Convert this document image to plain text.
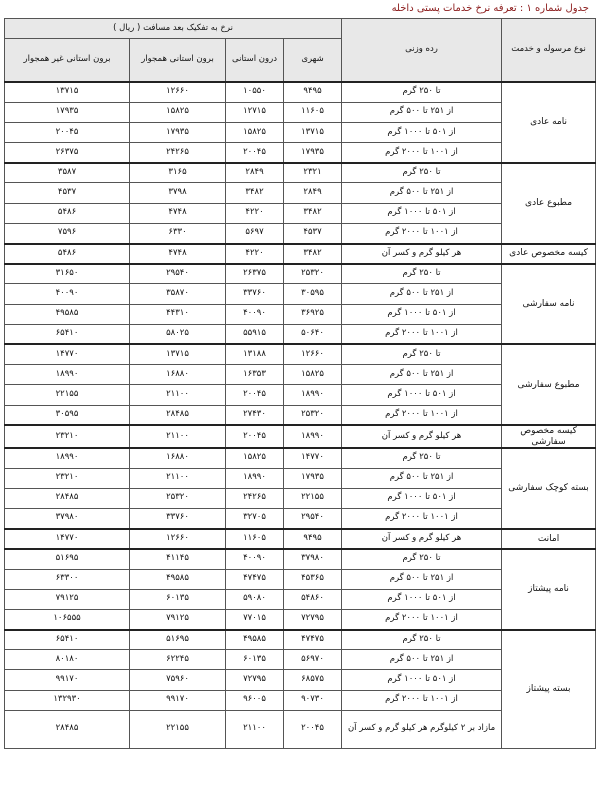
جدول شماره ۱ : تعرفه نرخ خدمات پستی داخله
نوع مرسوله و خدمت	رده وزنی	نرخ به تفکیک بعد مسافت ( ریال )			
		شهری	درون استانی	برون استانی همجوار	برون استانی غیر همجوار
نامه عادی	تا ۲۵۰ گرم	۹۴۹۵	۱۰۵۵۰	۱۲۶۶۰	۱۳۷۱۵
	از ۲۵۱ تا ۵۰۰ گرم	۱۱۶۰۵	۱۲۷۱۵	۱۵۸۲۵	۱۷۹۳۵
	از ۵۰۱ تا ۱۰۰۰ گرم	۱۳۷۱۵	۱۵۸۲۵	۱۷۹۳۵	۲۰۰۴۵
	از ۱۰۰۱ تا ۲۰۰۰ گرم	۱۷۹۳۵	۲۰۰۴۵	۲۴۲۶۵	۲۶۳۷۵
مطبوع عادی	تا ۲۵۰ گرم	۲۳۲۱	۲۸۴۹	۳۱۶۵	۳۵۸۷
	از ۲۵۱ تا ۵۰۰ گرم	۲۸۴۹	۳۴۸۲	۳۷۹۸	۴۵۳۷
	از ۵۰۱ تا ۱۰۰۰ گرم	۳۴۸۲	۴۲۲۰	۴۷۴۸	۵۴۸۶
	از ۱۰۰۱ تا ۲۰۰۰ گرم	۴۵۳۷	۵۶۹۷	۶۳۳۰	۷۵۹۶
کیسه مخصوص عادی	هر کیلو گرم و کسر آن	۳۴۸۲	۴۲۲۰	۴۷۴۸	۵۴۸۶
نامه سفارشی	تا ۲۵۰ گرم	۲۵۳۲۰	۲۶۳۷۵	۲۹۵۴۰	۳۱۶۵۰
	از ۲۵۱ تا ۵۰۰ گرم	۳۰۵۹۵	۳۳۷۶۰	۳۵۸۷۰	۴۰۰۹۰
	از ۵۰۱ تا ۱۰۰۰ گرم	۳۶۹۲۵	۴۰۰۹۰	۴۴۳۱۰	۴۹۵۸۵
	از ۱۰۰۱ تا ۲۰۰۰ گرم	۵۰۶۴۰	۵۵۹۱۵	۵۸۰۲۵	۶۵۴۱۰
مطبوع سفارشی	تا ۲۵۰ گرم	۱۲۶۶۰	۱۳۱۸۸	۱۳۷۱۵	۱۴۷۷۰
	از ۲۵۱ تا ۵۰۰ گرم	۱۵۸۲۵	۱۶۳۵۳	۱۶۸۸۰	۱۸۹۹۰
	از ۵۰۱ تا ۱۰۰۰ گرم	۱۸۹۹۰	۲۰۰۴۵	۲۱۱۰۰	۲۲۱۵۵
	از ۱۰۰۱ تا ۲۰۰۰ گرم	۲۵۳۲۰	۲۷۴۳۰	۲۸۴۸۵	۳۰۵۹۵
کیسه مخصوص سفارشی	هر کیلو گرم و کسر آن	۱۸۹۹۰	۲۰۰۴۵	۲۱۱۰۰	۲۳۲۱۰
بسته کوچک سفارشی	تا ۲۵۰ گرم	۱۴۷۷۰	۱۵۸۲۵	۱۶۸۸۰	۱۸۹۹۰
	از ۲۵۱ تا ۵۰۰ گرم	۱۷۹۳۵	۱۸۹۹۰	۲۱۱۰۰	۲۳۲۱۰
	از ۵۰۱ تا ۱۰۰۰ گرم	۲۲۱۵۵	۲۴۲۶۵	۲۵۳۲۰	۲۸۴۸۵
	از ۱۰۰۱ تا ۲۰۰۰ گرم	۲۹۵۴۰	۳۲۷۰۵	۳۳۷۶۰	۳۷۹۸۰
امانت	هر کیلو گرم و کسر آن	۹۴۹۵	۱۱۶۰۵	۱۲۶۶۰	۱۴۷۷۰
نامه پیشتاز	تا ۲۵۰ گرم	۳۷۹۸۰	۴۰۰۹۰	۴۱۱۴۵	۵۱۶۹۵
	از ۲۵۱ تا ۵۰۰ گرم	۴۵۳۶۵	۴۷۴۷۵	۴۹۵۸۵	۶۳۳۰۰
	از ۵۰۱ تا ۱۰۰۰ گرم	۵۴۸۶۰	۵۹۰۸۰	۶۰۱۳۵	۷۹۱۲۵
	از ۱۰۰۱ تا ۲۰۰۰ گرم	۷۲۷۹۵	۷۷۰۱۵	۷۹۱۲۵	۱۰۶۵۵۵
بسته پیشتاز	تا ۲۵۰ گرم	۴۷۴۷۵	۴۹۵۸۵	۵۱۶۹۵	۶۵۴۱۰
	از ۲۵۱ تا ۵۰۰ گرم	۵۶۹۷۰	۶۰۱۳۵	۶۲۲۴۵	۸۰۱۸۰
	از ۵۰۱ تا ۱۰۰۰ گرم	۶۸۵۷۵	۷۲۷۹۵	۷۵۹۶۰	۹۹۱۷۰
	از ۱۰۰۱ تا ۲۰۰۰ گرم	۹۰۷۳۰	۹۶۰۰۵	۹۹۱۷۰	۱۳۲۹۳۰
	مازاد بر ۲ کیلوگرم هر کیلو گرم و کسر آن	۲۰۰۴۵	۲۱۱۰۰	۲۲۱۵۵	۲۸۴۸۵
